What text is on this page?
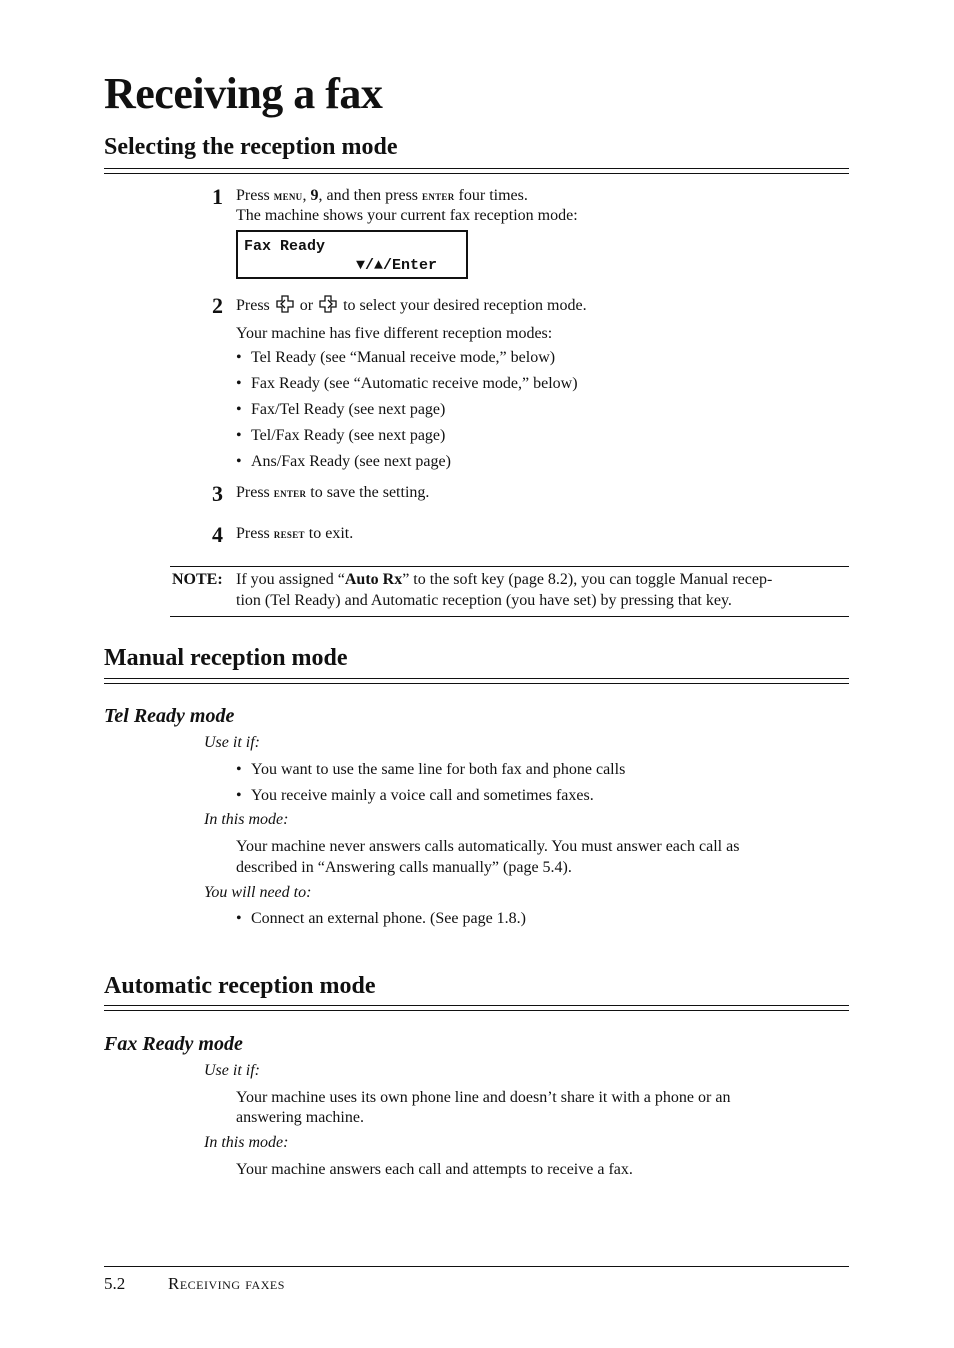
Receiving a fax
Selecting the reception mode
1 Press menu, 9, and then press enter four times.
The machine shows your current fax reception mode:
Fax Ready
▼/▲/Enter
2 Press  or  to select your desired reception mode.
Your machine has five different reception modes:
• Tel Ready (see “Manual receive mode,” below)
• Fax Ready (see “Automatic receive mode,” below)
• Fax/Tel Ready (see next page)
• Tel/Fax Ready (see next page)
• Ans/Fax Ready (see next page)
3 Press enter to save the setting.
4 Press reset to exit.
NOTE: If you assigned “Auto Rx” to the soft key (page 8.2), you can toggle Manual recep-
tion (Tel Ready) and Automatic reception (you have set) by pressing that key.
Manual reception mode
Tel Ready mode
Use it if:
• You want to use the same line for both fax and phone calls
• You receive mainly a voice call and sometimes faxes.
In this mode:
Your machine never answers calls automatically. You must answer each call as
described in “Answering calls manually” (page 5.4).
You will need to:
• Connect an external phone. (See page 1.8.)
Automatic reception mode
Fax Ready mode
Use it if:
Your machine uses its own phone line and doesn’t share it with a phone or an
answering machine.
In this mode:
Your machine answers each call and attempts to receive a fax.
5.2	Receiving faxes
